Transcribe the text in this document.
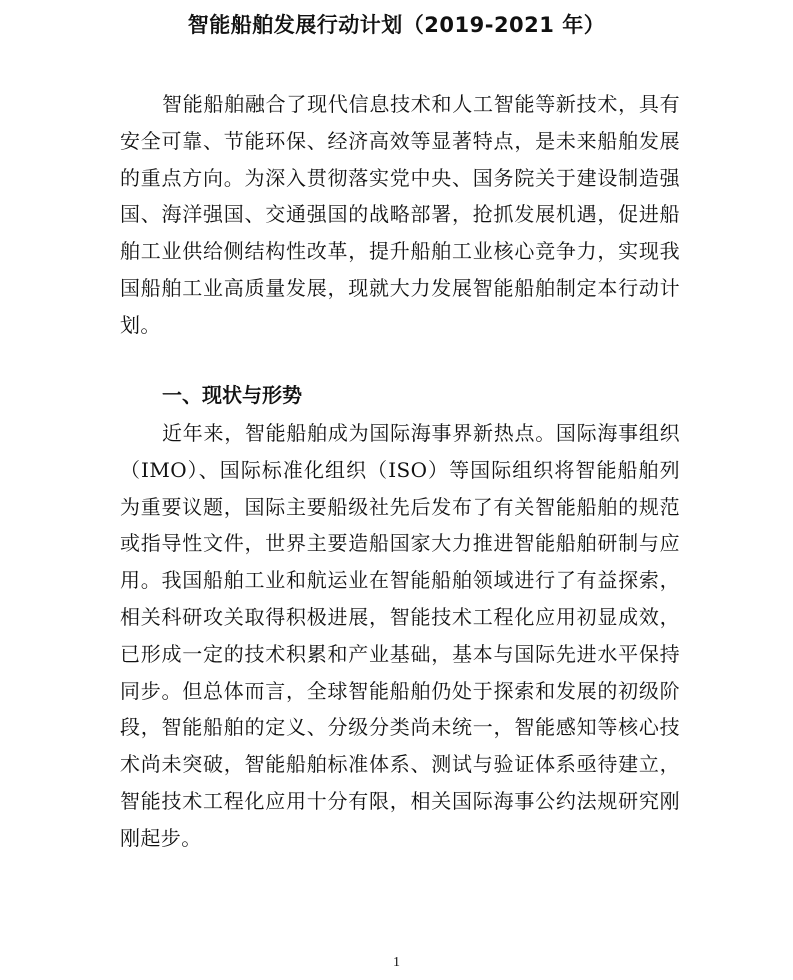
智能船舶发展行动计划（2019-2021 年）

智能船舶融合了现代信息技术和人工智能等新技术，具有安全可靠、节能环保、经济高效等显著特点，是未来船舶发展的重点方向。为深入贯彻落实党中央、国务院关于建设制造强国、海洋强国、交通强国的战略部署，抢抓发展机遇，促进船舶工业供给侧结构性改革，提升船舶工业核心竞争力，实现我国船舶工业高质量发展，现就大力发展智能船舶制定本行动计划。

一、现状与形势

近年来，智能船舶成为国际海事界新热点。国际海事组织（IMO）、国际标准化组织（ISO）等国际组织将智能船舶列为重要议题，国际主要船级社先后发布了有关智能船舶的规范或指导性文件，世界主要造船国家大力推进智能船舶研制与应用。我国船舶工业和航运业在智能船舶领域进行了有益探索，相关科研攻关取得积极进展，智能技术工程化应用初显成效，已形成一定的技术积累和产业基础，基本与国际先进水平保持同步。但总体而言，全球智能船舶仍处于探索和发展的初级阶段，智能船舶的定义、分级分类尚未统一，智能感知等核心技术尚未突破，智能船舶标准体系、测试与验证体系亟待建立，智能技术工程化应用十分有限，相关国际海事公约法规研究刚刚起步。

1
